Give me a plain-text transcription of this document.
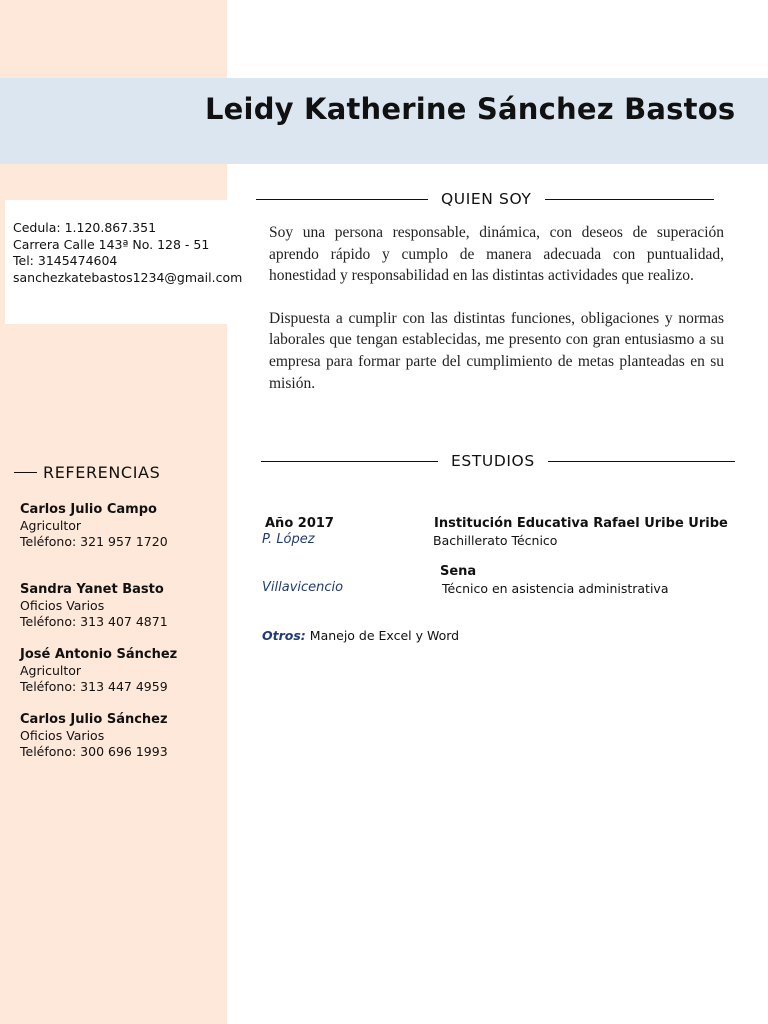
Leidy Katherine Sánchez Bastos
Cedula: 1.120.867.351
Carrera Calle 143ª No. 128 - 51
Tel: 3145474604
sanchezkatebastos1234@gmail.com
QUIEN SOY

Soy una persona responsable, dinámica, con deseos de superación aprendo rápido y cumplo de manera adecuada con puntualidad, honestidad y responsabilidad en las distintas actividades que realizo.

Dispuesta a cumplir con las distintas funciones, obligaciones y normas laborales que tengan establecidas, me presento con gran entusiasmo a su empresa para formar parte del cumplimiento de metas planteadas en su misión.

REFERENCIAS
Carlos Julio Campo
Agricultor
Teléfono: 321 957 1720
Sandra Yanet Basto
Oficios Varios
Teléfono: 313 407 4871
José Antonio Sánchez
Agricultor
Teléfono: 313 447 4959
Carlos Julio Sánchez
Oficios Varios
Teléfono: 300 696 1993
ESTUDIOS
Año 2017	Institución Educativa Rafael Uribe Uribe
P. López	Bachillerato Técnico
Sena
Villavicencio	Técnico en asistencia administrativa
Otros: Manejo de Excel y Word
